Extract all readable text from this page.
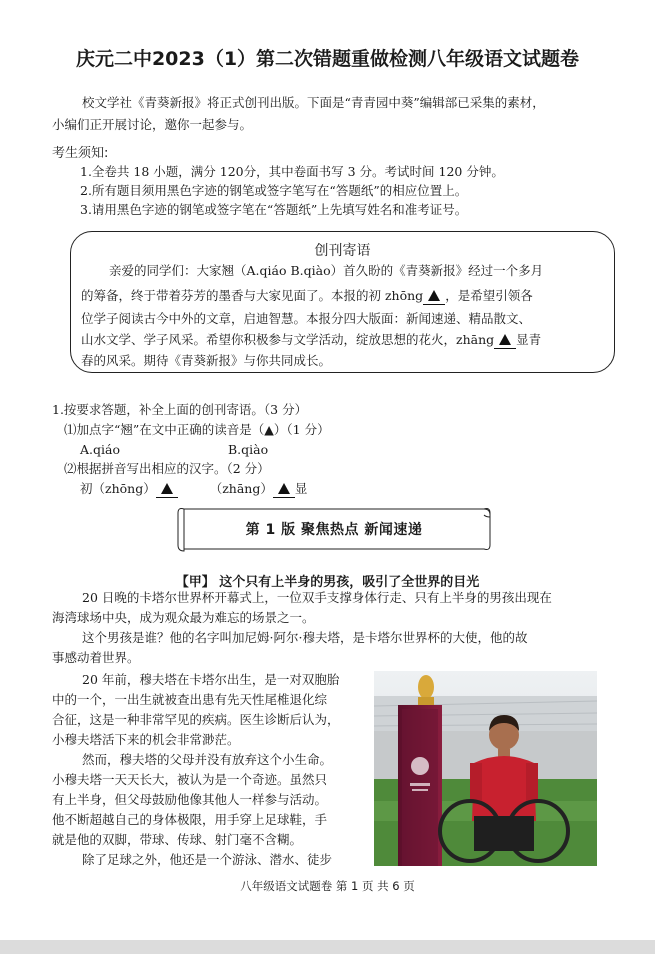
庆元二中2023（1）第二次错题重做检测八年级语文试题卷
校文学社《青葵新报》将正式创刊出版。下面是“青青园中葵”编辑部已采集的素材，
小编们正开展讨论，邀你一起参与。
考生须知:
1.全卷共 18 小题，满分 120分，其中卷面书写 3 分。考试时间 120 分钟。
2.所有题目须用黑色字迹的钢笔或签字笔写在“答题纸”的相应位置上。
3.请用黑色字迹的钢笔或签字笔在“答题纸”上先填写姓名和准考证号。
创刊寄语
亲爱的同学们：大家翘（A.qiáo B.qiào）首久盼的《青葵新报》经过一个多月
的筹备，终于带着芬芳的墨香与大家见面了。本报的初 zhōng ，是希望引领各
位学子阅读古今中外的文章，启迪智慧。本报分四大版面：新闻速递、精品散文、
山水文学、学子风采。希望你积极参与文学活动，绽放思想的花火，zhāng 显青
春的风采。期待《青葵新报》与你共同成长。
1.按要求答题，补全上面的创刊寄语。（3 分）
⑴加点字“翘”在文中正确的读音是（▲）（1 分）
A.qiáo	B.qiào
⑵根据拼音写出相应的汉字。（2 分）
初（zhōng）	（zhāng） 显
第 1 版 聚焦热点 新闻速递
【甲】 这个只有上半身的男孩，吸引了全世界的目光
20 日晚的卡塔尔世界杯开幕式上，一位双手支撑身体行走、只有上半身的男孩出现在
海湾球场中央，成为观众最为难忘的场景之一。
这个男孩是谁？他的名字叫加尼姆·阿尔·穆夫塔，是卡塔尔世界杯的大使，他的故
事感动着世界。
20 年前，穆夫塔在卡塔尔出生，是一对双胞胎
中的一个，一出生就被查出患有先天性尾椎退化综
合征，这是一种非常罕见的疾病。医生诊断后认为，
小穆夫塔活下来的机会非常渺茫。
然而，穆夫塔的父母并没有放弃这个小生命。
小穆夫塔一天天长大，被认为是一个奇迹。虽然只
有上半身，但父母鼓励他像其他人一样参与活动。
他不断超越自己的身体极限，用手穿上足球鞋，手
就是他的双脚，带球、传球、射门毫不含糊。
除了足球之外，他还是一个游泳、潜水、徒步
八年级语文试题卷 第 1 页 共 6 页
